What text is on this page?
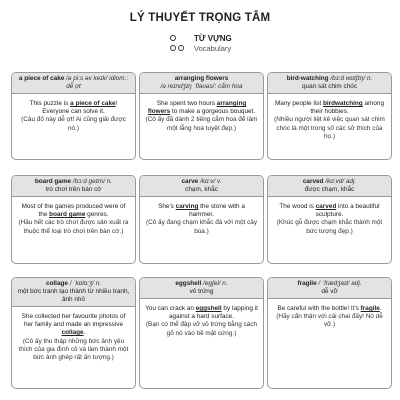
LÝ THUYẾT TRỌNG TÂM
TỪ VỰNG
Vocabulary
a piece of cake /ə pi:s əv keɪk/ idiom.: dễ ợt
This puzzle is a piece of cake! Everyone can solve it.
(Câu đố này dễ ợt! Ai cũng giải được nó.)
arranging flowers
/ə reɪndʒɪŋ ˈflaʊəs/: cắm hoa
She spent two hours arranging flowers to make a gorgeous bouquet.
(Cô ấy đã dành 2 tiếng cắm hoa để làm một lẵng hoa tuyệt đẹp.)
bird-watching /bɜ:d wɒtʃɪŋ/ n.
quan sát chim chóc
Many people list birdwatching among their hobbies.
(Nhiều người liệt kê việc quan sát chim chóc là một trong số các sở thích của họ.)
board game /bɔ:d geɪm/ n.
trò chơi trên bàn cờ
Most of the games produced were of the board game genres.
(Hầu hết các trò chơi được sản xuất ra thuộc thể loại trò chơi trên bàn cờ.)
carve /kɑ:v/ v.
chạm, khắc
She's carving the stone with a hammer.
(Cô ấy đang chạm khắc đá với một cây búa.)
carved /kɑ:vd/ adj.
được chạm, khắc
The wood is carved into a beautiful sculpture.
(Khúc gỗ được chạm khắc thành một bức tượng đẹp.)
collage / ˈkɒlɑ:ʒ/ n.
một bức tranh tạo thành từ nhiều tranh, ảnh nhỏ
She collected her favourite photos of her family and made an impressive collage.
(Cô ấy thu thập những bức ảnh yêu thích của gia đình cô và làm thành một bức ảnh ghép rất ấn tượng.)
eggshell /egʃel/ n.
vỏ trứng
You can crack an eggshell by tapping it against a hard surface.
(Bạn có thể đập vỡ vỏ trứng bằng cách gõ nó vào bề mặt cứng.)
fragile / ˈfrædʒaɪl/ adj.
dễ vỡ
Be careful with the bottle! It's fragile.
(Hãy cẩn thận với cái chai đấy! Nó dễ vỡ.)
